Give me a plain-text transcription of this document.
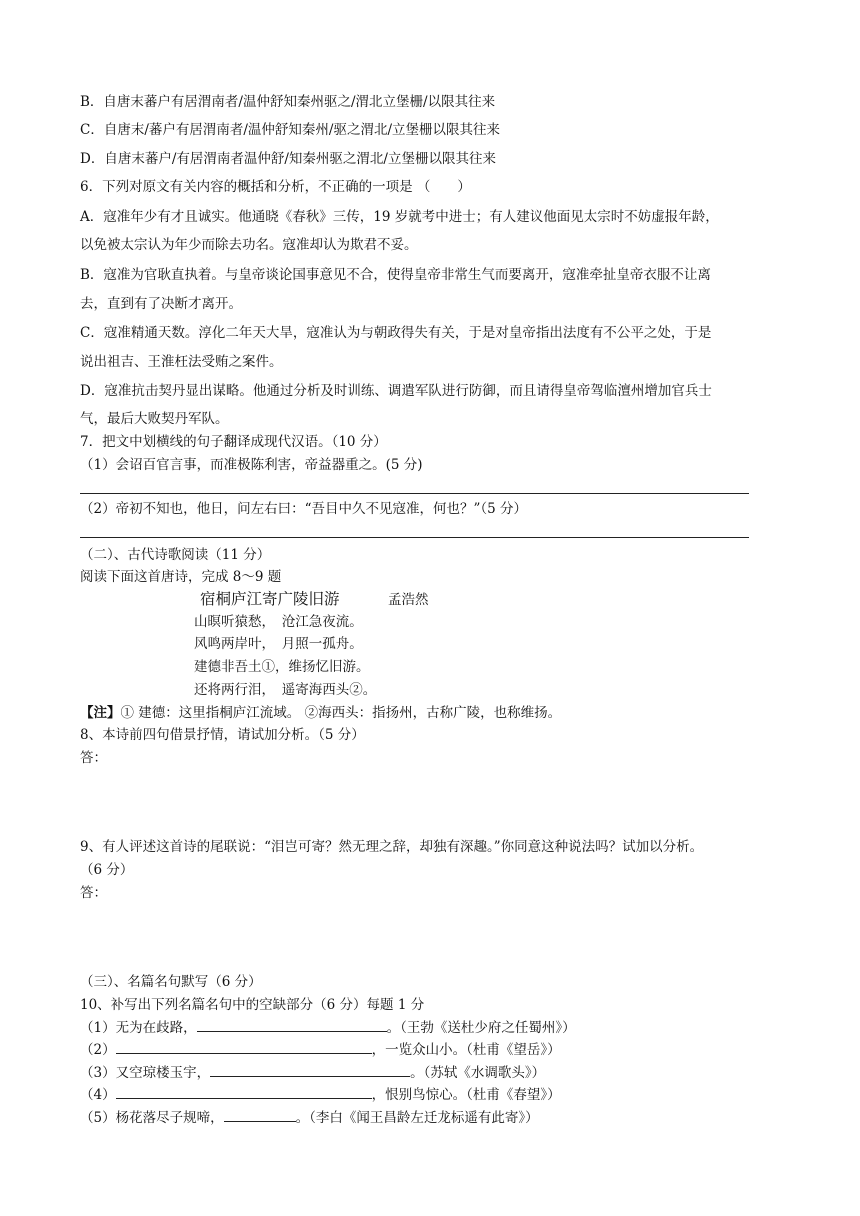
B．自唐末蕃户有居渭南者/温仲舒知秦州驱之/渭北立堡栅/以限其往来
C．自唐末/蕃户有居渭南者/温仲舒知秦州/驱之渭北/立堡栅以限其往来
D．自唐末蕃户/有居渭南者温仲舒/知秦州驱之渭北/立堡栅以限其往来
6．下列对原文有关内容的概括和分析，不正确的一项是 （　　）
A．寇准年少有才且诚实。他通晓《春秋》三传，19 岁就考中进士；有人建议他面见太宗时不妨虚报年龄，
以免被太宗认为年少而除去功名。寇准却认为欺君不妥。
B．寇准为官耿直执着。与皇帝谈论国事意见不合，使得皇帝非常生气而要离开，寇准牵扯皇帝衣服不让离
去，直到有了决断才离开。
C．寇准精通天数。淳化二年天大旱，寇准认为与朝政得失有关，于是对皇帝指出法度有不公平之处，于是
说出祖吉、王淮枉法受贿之案件。
D．寇准抗击契丹显出谋略。他通过分析及时训练、调遣军队进行防御，而且请得皇帝驾临澶州增加官兵士
气，最后大败契丹军队。
7．把文中划横线的句子翻译成现代汉语。（10 分）
（1）会诏百官言事，而准极陈利害，帝益器重之。(5 分)
（2）帝初不知也，他日，问左右曰：“吾目中久不见寇准，何也？”（5 分）
（二）、古代诗歌阅读（11 分）
阅读下面这首唐诗，完成 8～9 题
宿桐庐江寄广陵旧游	孟浩然
山暝听猿愁，　沧江急夜流。
风鸣两岸叶，　月照一孤舟。
建德非吾土①，维扬忆旧游。
还将两行泪，　遥寄海西头②。
【注】① 建德：这里指桐庐江流域。 ②海西头：指扬州，古称广陵，也称维扬。
8、本诗前四句借景抒情，请试加分析。（5 分）
答：
9、有人评述这首诗的尾联说：“泪岂可寄？然无理之辞，却独有深趣。”你同意这种说法吗？试加以分析。
（6 分）
答：
（三）、名篇名句默写（6 分）
10、补写出下列名篇名句中的空缺部分（6 分）每题 1 分
（1）无为在歧路，	。（王勃《送杜少府之任蜀州》）
（2）	，一览众山小。（杜甫《望岳》）
（3）又空琼楼玉宇，	。（苏轼《水调歌头》）
（4）	，恨别鸟惊心。（杜甫《春望》）
（5）杨花落尽子规啼，	。（李白《闻王昌龄左迁龙标遥有此寄》）
